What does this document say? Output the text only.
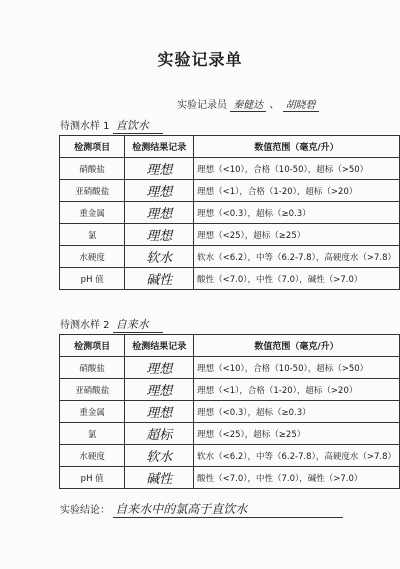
实验记录单
实验记录员 秦健达 、 胡晓碧
待测水样 1 直饮水
检测项目	检测结果记录	数值范围（毫克/升）
硝酸盐	理想	理想（<10），合格（10-50），超标（>50）
亚硝酸盐	理想	理想（<1），合格（1-20），超标（>20）
重金属	理想	理想（<0.3），超标（≥0.3）
氯	理想	理想（<25），超标（≥25）
水硬度	软水	软水（<6.2），中等（6.2-7.8），高硬度水（>7.8）
pH 值	碱性	酸性（<7.0），中性（7.0），碱性（>7.0）
待测水样 2 自来水
检测项目	检测结果记录	数值范围（毫克/升）
硝酸盐	理想	理想（<10），合格（10-50），超标（>50）
亚硝酸盐	理想	理想（<1），合格（1-20），超标（>20）
重金属	理想	理想（<0.3），超标（≥0.3）
氯	超标	理想（<25），超标（≥25）
水硬度	软水	软水（<6.2），中等（6.2-7.8），高硬度水（>7.8）
pH 值	碱性	酸性（<7.0），中性（7.0），碱性（>7.0）
实验结论： 自来水中的氯高于直饮水
